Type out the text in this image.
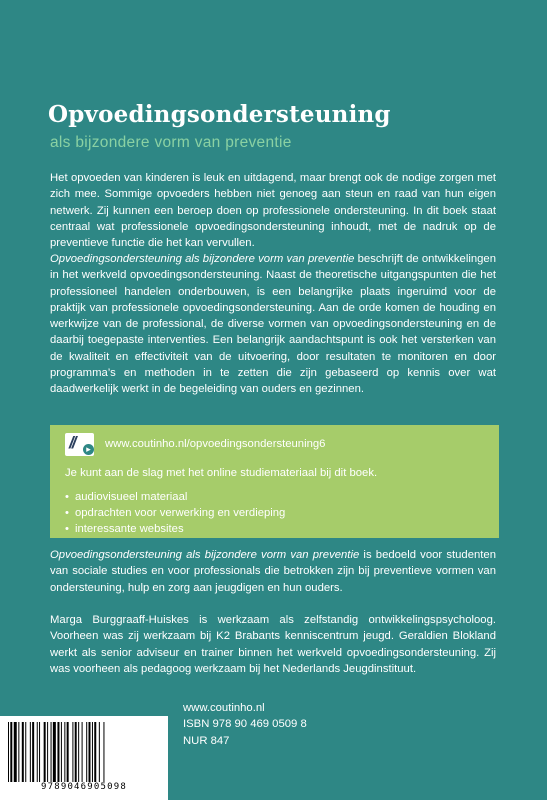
Opvoedingsondersteuning

als bijzondere vorm van preventie

Het opvoeden van kinderen is leuk en uitdagend, maar brengt ook de nodige zorgen met zich mee. Sommige opvoeders hebben niet genoeg aan steun en raad van hun eigen netwerk. Zij kunnen een beroep doen op professionele ondersteuning. In dit boek staat centraal wat professionele opvoedingsondersteuning inhoudt, met de nadruk op de preventieve functie die het kan vervullen.

Opvoedingsondersteuning als bijzondere vorm van preventie beschrijft de ontwikkelingen in het werkveld opvoedingsondersteuning. Naast de theoretische uitgangspunten die het professioneel handelen onderbouwen, is een belangrijke plaats ingeruimd voor de praktijk van professionele opvoedingsondersteuning. Aan de orde komen de houding en werkwijze van de professional, de diverse vormen van opvoedingsondersteuning en de daarbij toegepaste interventies. Een belangrijk aandachtspunt is ook het versterken van de kwaliteit en effectiviteit van de uitvoering, door resultaten te monitoren en door programma’s en methoden in te zetten die zijn gebaseerd op kennis over wat daadwerkelijk werkt in de begeleiding van ouders en gezinnen.

//	▸ www.coutinho.nl/opvoedingsondersteuning6
Je kunt aan de slag met het online studiemateriaal bij dit boek.
• audiovisueel materiaal
• opdrachten voor verwerking en verdieping
• interessante websites

Opvoedingsondersteuning als bijzondere vorm van preventie is bedoeld voor studenten van sociale studies en voor professionals die betrokken zijn bij preventieve vormen van ondersteuning, hulp en zorg aan jeugdigen en hun ouders.

Marga Burggraaff-Huiskes is werkzaam als zelfstandig ontwikkelingspsycholoog. Voorheen was zij werkzaam bij K2 Brabants kenniscentrum jeugd. Geraldien Blokland werkt als senior adviseur en trainer binnen het werkveld opvoedingsondersteuning. Zij was voorheen als pedagoog werkzaam bij het Nederlands Jeugdinstituut.

9789046905098
www.coutinho.nl
ISBN 978 90 469 0509 8
NUR 847
